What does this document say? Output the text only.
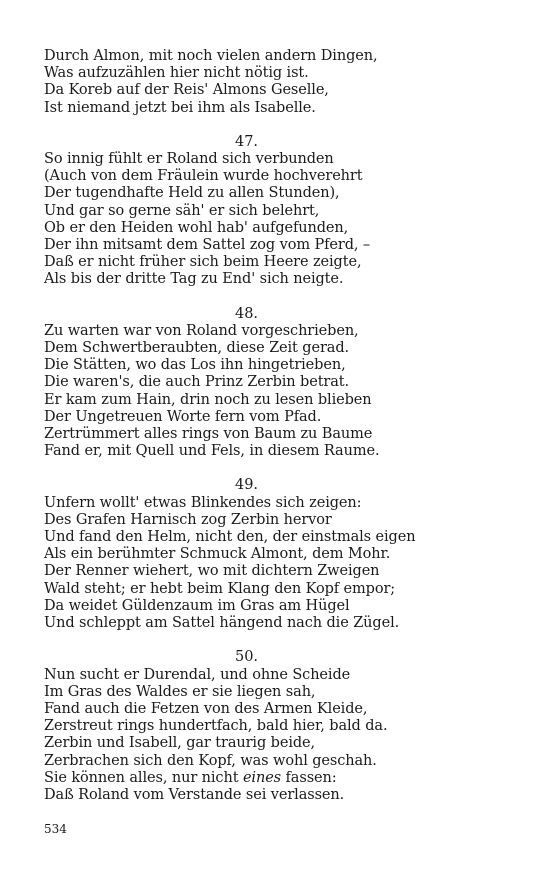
Durch Almon, mit noch vielen andern Dingen,
Was aufzuzählen hier nicht nötig ist.
Da Koreb auf der Reis' Almons Geselle,
Ist niemand jetzt bei ihm als Isabelle.
47.
So innig fühlt er Roland sich verbunden
(Auch von dem Fräulein wurde hochverehrt
Der tugendhafte Held zu allen Stunden),
Und gar so gerne säh' er sich belehrt,
Ob er den Heiden wohl hab' aufgefunden,
Der ihn mitsamt dem Sattel zog vom Pferd, –
Daß er nicht früher sich beim Heere zeigte,
Als bis der dritte Tag zu End' sich neigte.
48.
Zu warten war von Roland vorgeschrieben,
Dem Schwertberaubten, diese Zeit gerad.
Die Stätten, wo das Los ihn hingetrieben,
Die waren's, die auch Prinz Zerbin betrat.
Er kam zum Hain, drin noch zu lesen blieben
Der Ungetreuen Worte fern vom Pfad.
Zertrümmert alles rings von Baum zu Baume
Fand er, mit Quell und Fels, in diesem Raume.
49.
Unfern wollt' etwas Blinkendes sich zeigen:
Des Grafen Harnisch zog Zerbin hervor
Und fand den Helm, nicht den, der einstmals eigen
Als ein berühmter Schmuck Almont, dem Mohr.
Der Renner wiehert, wo mit dichtern Zweigen
Wald steht; er hebt beim Klang den Kopf empor;
Da weidet Güldenzaum im Gras am Hügel
Und schleppt am Sattel hängend nach die Zügel.
50.
Nun sucht er Durendal, und ohne Scheide
Im Gras des Waldes er sie liegen sah,
Fand auch die Fetzen von des Armen Kleide,
Zerstreut rings hundertfach, bald hier, bald da.
Zerbin und Isabell, gar traurig beide,
Zerbrachen sich den Kopf, was wohl geschah.
Sie können alles, nur nicht eines fassen:
Daß Roland vom Verstande sei verlassen.
534
